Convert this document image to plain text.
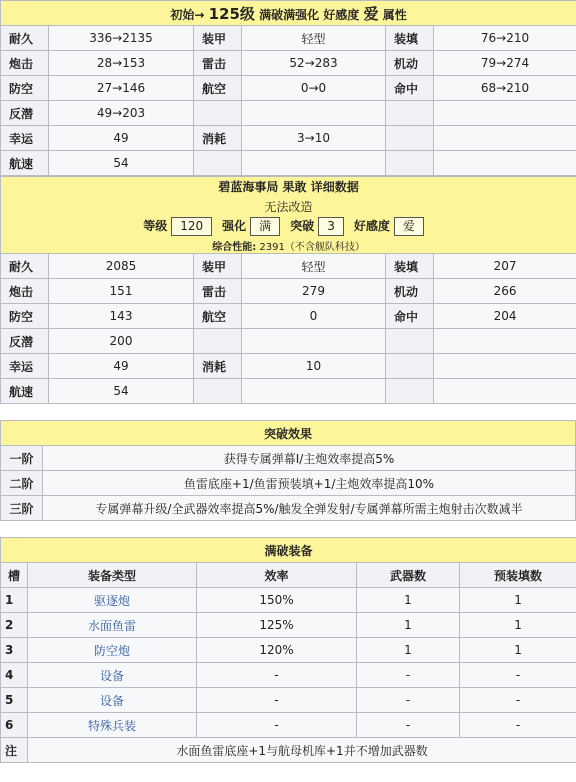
初始→ 125级 满破满强化 好感度 爱 属性					
耐久	336→2135	装甲	轻型	装填	76→210
炮击	28→153	雷击	52→283	机动	79→274
防空	27→146	航空	0→0	命中	68→210
反潜	49→203				
幸运	49	消耗	3→10		
航速	54				
碧蓝海事局 果敢 详细数据
无法改造
等级 120 强化 满 突破 3 好感度 爱
综合性能: 2391（不含舰队科技）					

耐久	2085	装甲	轻型	装填	207
炮击	151	雷击	279	机动	266
防空	143	航空	0	命中	204
反潜	200				
幸运	49	消耗	10		
航速	54				
突破效果	
一阶	获得专属弹幕I/主炮效率提高5%
二阶	鱼雷底座+1/鱼雷预装填+1/主炮效率提高10%
三阶	专属弹幕升级/全武器效率提高5%/触发全弹发射/专属弹幕所需主炮射击次数减半
满破装备				
槽	装备类型	效率	武器数	预装填数
1	驱逐炮	150%	1	1
2	水面鱼雷	125%	1	1
3	防空炮	120%	1	1
4	设备	-	-	-
5	设备	-	-	-
6	特殊兵装	-	-	-
注	水面鱼雷底座+1与航母机库+1并不增加武器数			
